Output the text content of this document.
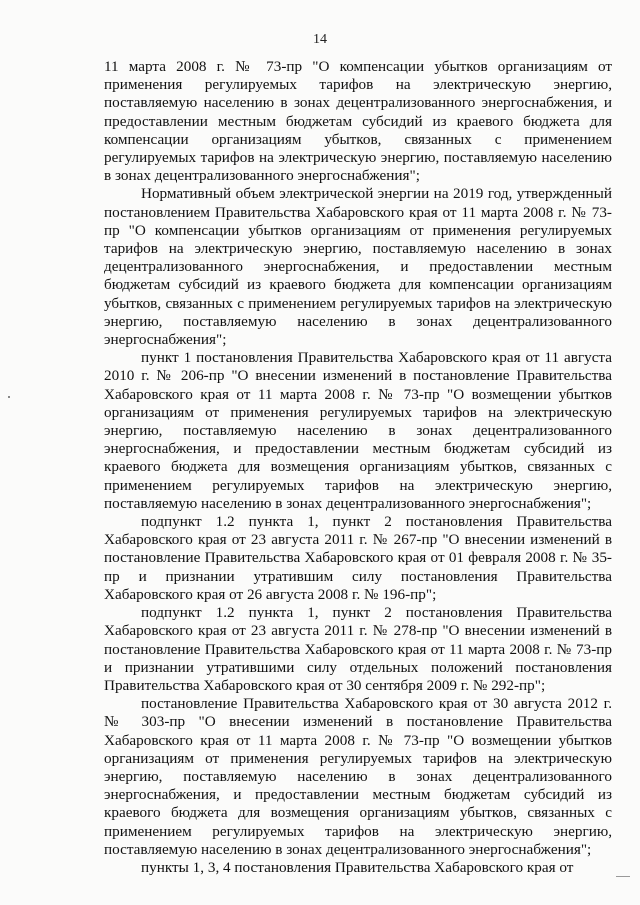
14

11 марта 2008 г. № 73-пр "О компенсации убытков организациям от применения регулируемых тарифов на электрическую энергию, поставляемую населению в зонах децентрализованного энергоснабжения, и предоставлении местным бюджетам субсидий из краевого бюджета для компенсации организациям убытков, связанных с применением регулируемых тарифов на электрическую энергию, поставляемую населению в зонах децентрализованного энергоснабжения";

Нормативный объем электрической энергии на 2019 год, утвержденный постановлением Правительства Хабаровского края от 11 марта 2008 г. № 73-пр "О компенсации убытков организациям от применения регулируемых тарифов на электрическую энергию, поставляемую населению в зонах децентрализованного энергоснабжения, и предоставлении местным бюджетам субсидий из краевого бюджета для компенсации организациям убытков, связанных с применением регулируемых тарифов на электрическую энергию, поставляемую населению в зонах децентрализованного энергоснабжения";

пункт 1 постановления Правительства Хабаровского края от 11 августа 2010 г. № 206-пр "О внесении изменений в постановление Правительства Хабаровского края от 11 марта 2008 г. № 73-пр "О возмещении убытков организациям от применения регулируемых тарифов на электрическую энергию, поставляемую населению в зонах децентрализованного энергоснабжения, и предоставлении местным бюджетам субсидий из краевого бюджета для возмещения организациям убытков, связанных с применением регулируемых тарифов на электрическую энергию, поставляемую населению в зонах децентрализованного энергоснабжения";

подпункт 1.2 пункта 1, пункт 2 постановления Правительства Хабаровского края от 23 августа 2011 г. № 267-пр "О внесении изменений в постановление Правительства Хабаровского края от 01 февраля 2008 г. № 35-пр и признании утратившим силу постановления Правительства Хабаровского края от 26 августа 2008 г. № 196-пр";

подпункт 1.2 пункта 1, пункт 2 постановления Правительства Хабаровского края от 23 августа 2011 г. № 278-пр "О внесении изменений в постановление Правительства Хабаровского края от 11 марта 2008 г. № 73-пр и признании утратившими силу отдельных положений постановления Правительства Хабаровского края от 30 сентября 2009 г. № 292-пр";

постановление Правительства Хабаровского края от 30 августа 2012 г. № 303-пр "О внесении изменений в постановление Правительства Хабаровского края от 11 марта 2008 г. № 73-пр "О возмещении убытков организациям от применения регулируемых тарифов на электрическую энергию, поставляемую населению в зонах децентрализованного энергоснабжения, и предоставлении местным бюджетам субсидий из краевого бюджета для возмещения организациям убытков, связанных с применением регулируемых тарифов на электрическую энергию, поставляемую населению в зонах децентрализованного энергоснабжения";

пункты 1, 3, 4 постановления Правительства Хабаровского края от
